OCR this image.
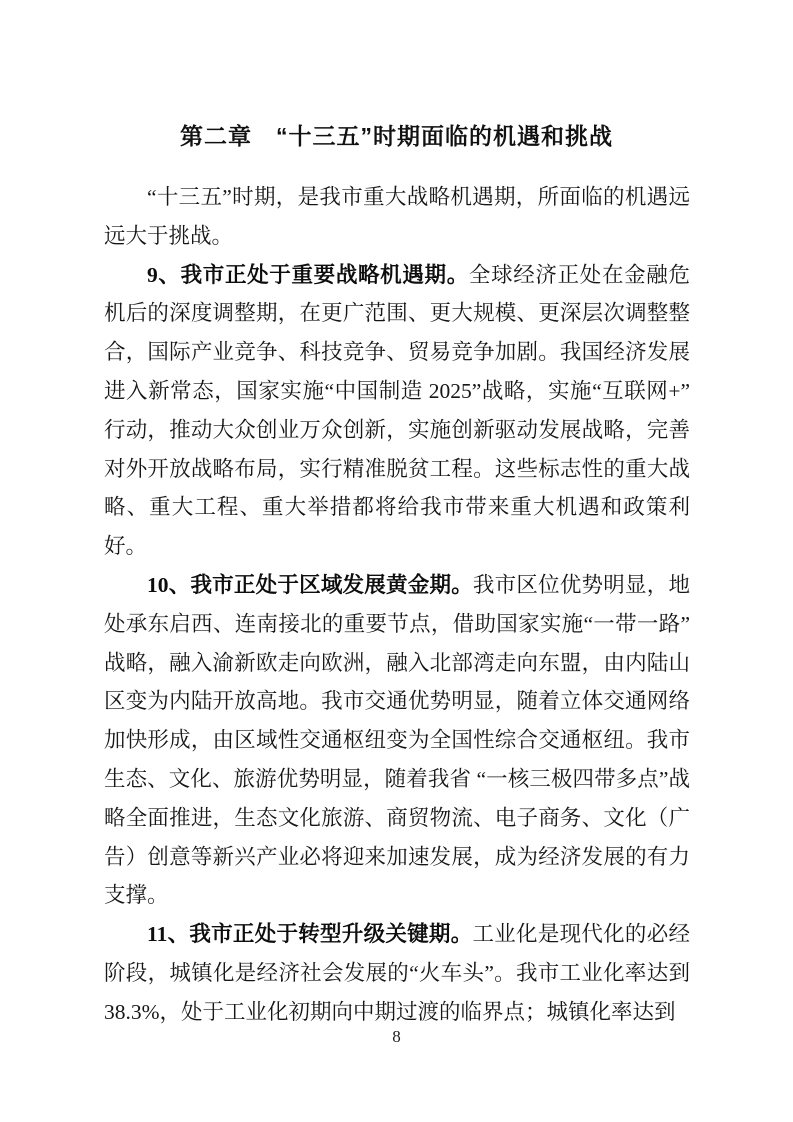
第二章　“十三五”时期面临的机遇和挑战

“十三五”时期，是我市重大战略机遇期，所面临的机遇远远大于挑战。

9、我市正处于重要战略机遇期。全球经济正处在金融危机后的深度调整期，在更广范围、更大规模、更深层次调整整合，国际产业竞争、科技竞争、贸易竞争加剧。我国经济发展进入新常态，国家实施“中国制造 2025”战略，实施“互联网+”行动，推动大众创业万众创新，实施创新驱动发展战略，完善对外开放战略布局，实行精准脱贫工程。这些标志性的重大战略、重大工程、重大举措都将给我市带来重大机遇和政策利好。

10、我市正处于区域发展黄金期。我市区位优势明显，地处承东启西、连南接北的重要节点，借助国家实施“一带一路”战略，融入渝新欧走向欧洲，融入北部湾走向东盟，由内陆山区变为内陆开放高地。我市交通优势明显，随着立体交通网络加快形成，由区域性交通枢纽变为全国性综合交通枢纽。我市生态、文化、旅游优势明显，随着我省 “一核三极四带多点”战略全面推进，生态文化旅游、商贸物流、电子商务、文化（广告）创意等新兴产业必将迎来加速发展，成为经济发展的有力支撑。

11、我市正处于转型升级关键期。工业化是现代化的必经阶段，城镇化是经济社会发展的“火车头”。我市工业化率达到38.3%，处于工业化初期向中期过渡的临界点；城镇化率达到

8
